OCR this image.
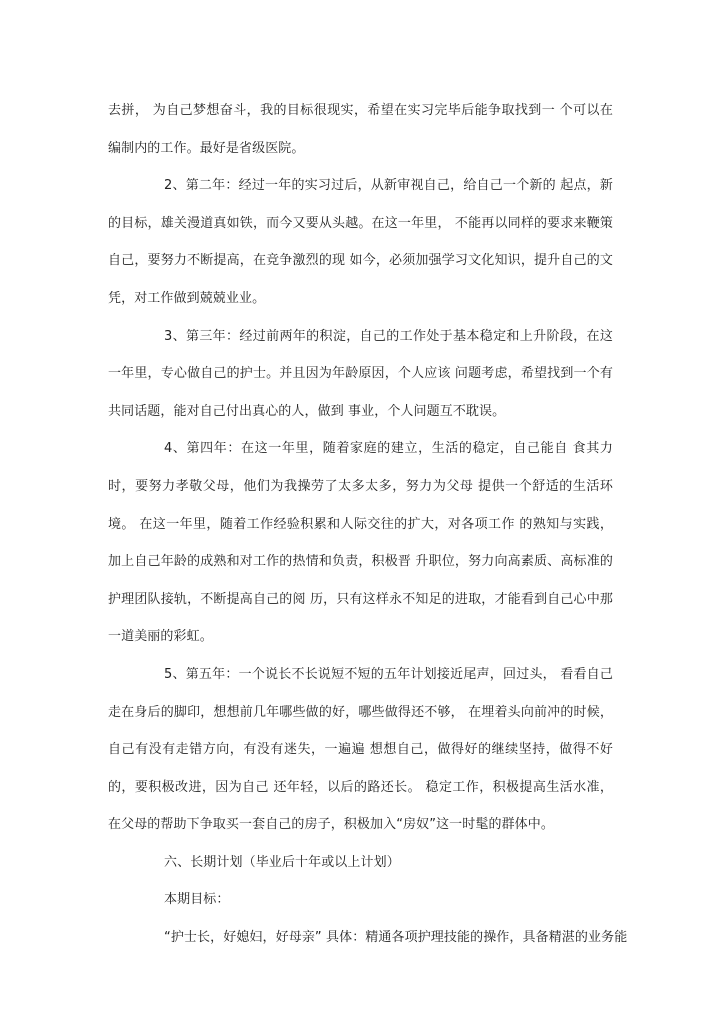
去拼， 为自己梦想奋斗，我的目标很现实，希望在实习完毕后能争取找到一 个可以在编制内的工作。最好是省级医院。

2、第二年：经过一年的实习过后，从新审视自己，给自己一个新的 起点，新的目标，雄关漫道真如铁，而今又要从头越。在这一年里， 不能再以同样的要求来鞭策自己，要努力不断提高，在竞争激烈的现 如今，必须加强学习文化知识，提升自己的文凭，对工作做到兢兢业业。

3、第三年：经过前两年的积淀，自己的工作处于基本稳定和上升阶段，在这一年里，专心做自己的护士。并且因为年龄原因，个人应该 问题考虑，希望找到一个有共同话题，能对自己付出真心的人，做到 事业，个人问题互不耽误。

4、第四年：在这一年里，随着家庭的建立，生活的稳定，自己能自 食其力时，要努力孝敬父母，他们为我操劳了太多太多，努力为父母 提供一个舒适的生活环境。 在这一年里，随着工作经验积累和人际交往的扩大，对各项工作 的熟知与实践，加上自己年龄的成熟和对工作的热情和负责，积极晋 升职位，努力向高素质、高标准的护理团队接轨，不断提高自己的阅 历，只有这样永不知足的进取，才能看到自己心中那一道美丽的彩虹。

5、第五年：一个说长不长说短不短的五年计划接近尾声，回过头， 看看自己走在身后的脚印，想想前几年哪些做的好，哪些做得还不够， 在埋着头向前冲的时候，自己有没有走错方向，有没有迷失，一遍遍 想想自己，做得好的继续坚持，做得不好的，要积极改进，因为自己 还年轻，以后的路还长。 稳定工作，积极提高生活水准，在父母的帮助下争取买一套自己的房子，积极加入“房奴”这一时髦的群体中。

六、长期计划（毕业后十年或以上计划）

本期目标：

“护士长，好媳妇，好母亲” 具体：精通各项护理技能的操作，具备精湛的业务能
